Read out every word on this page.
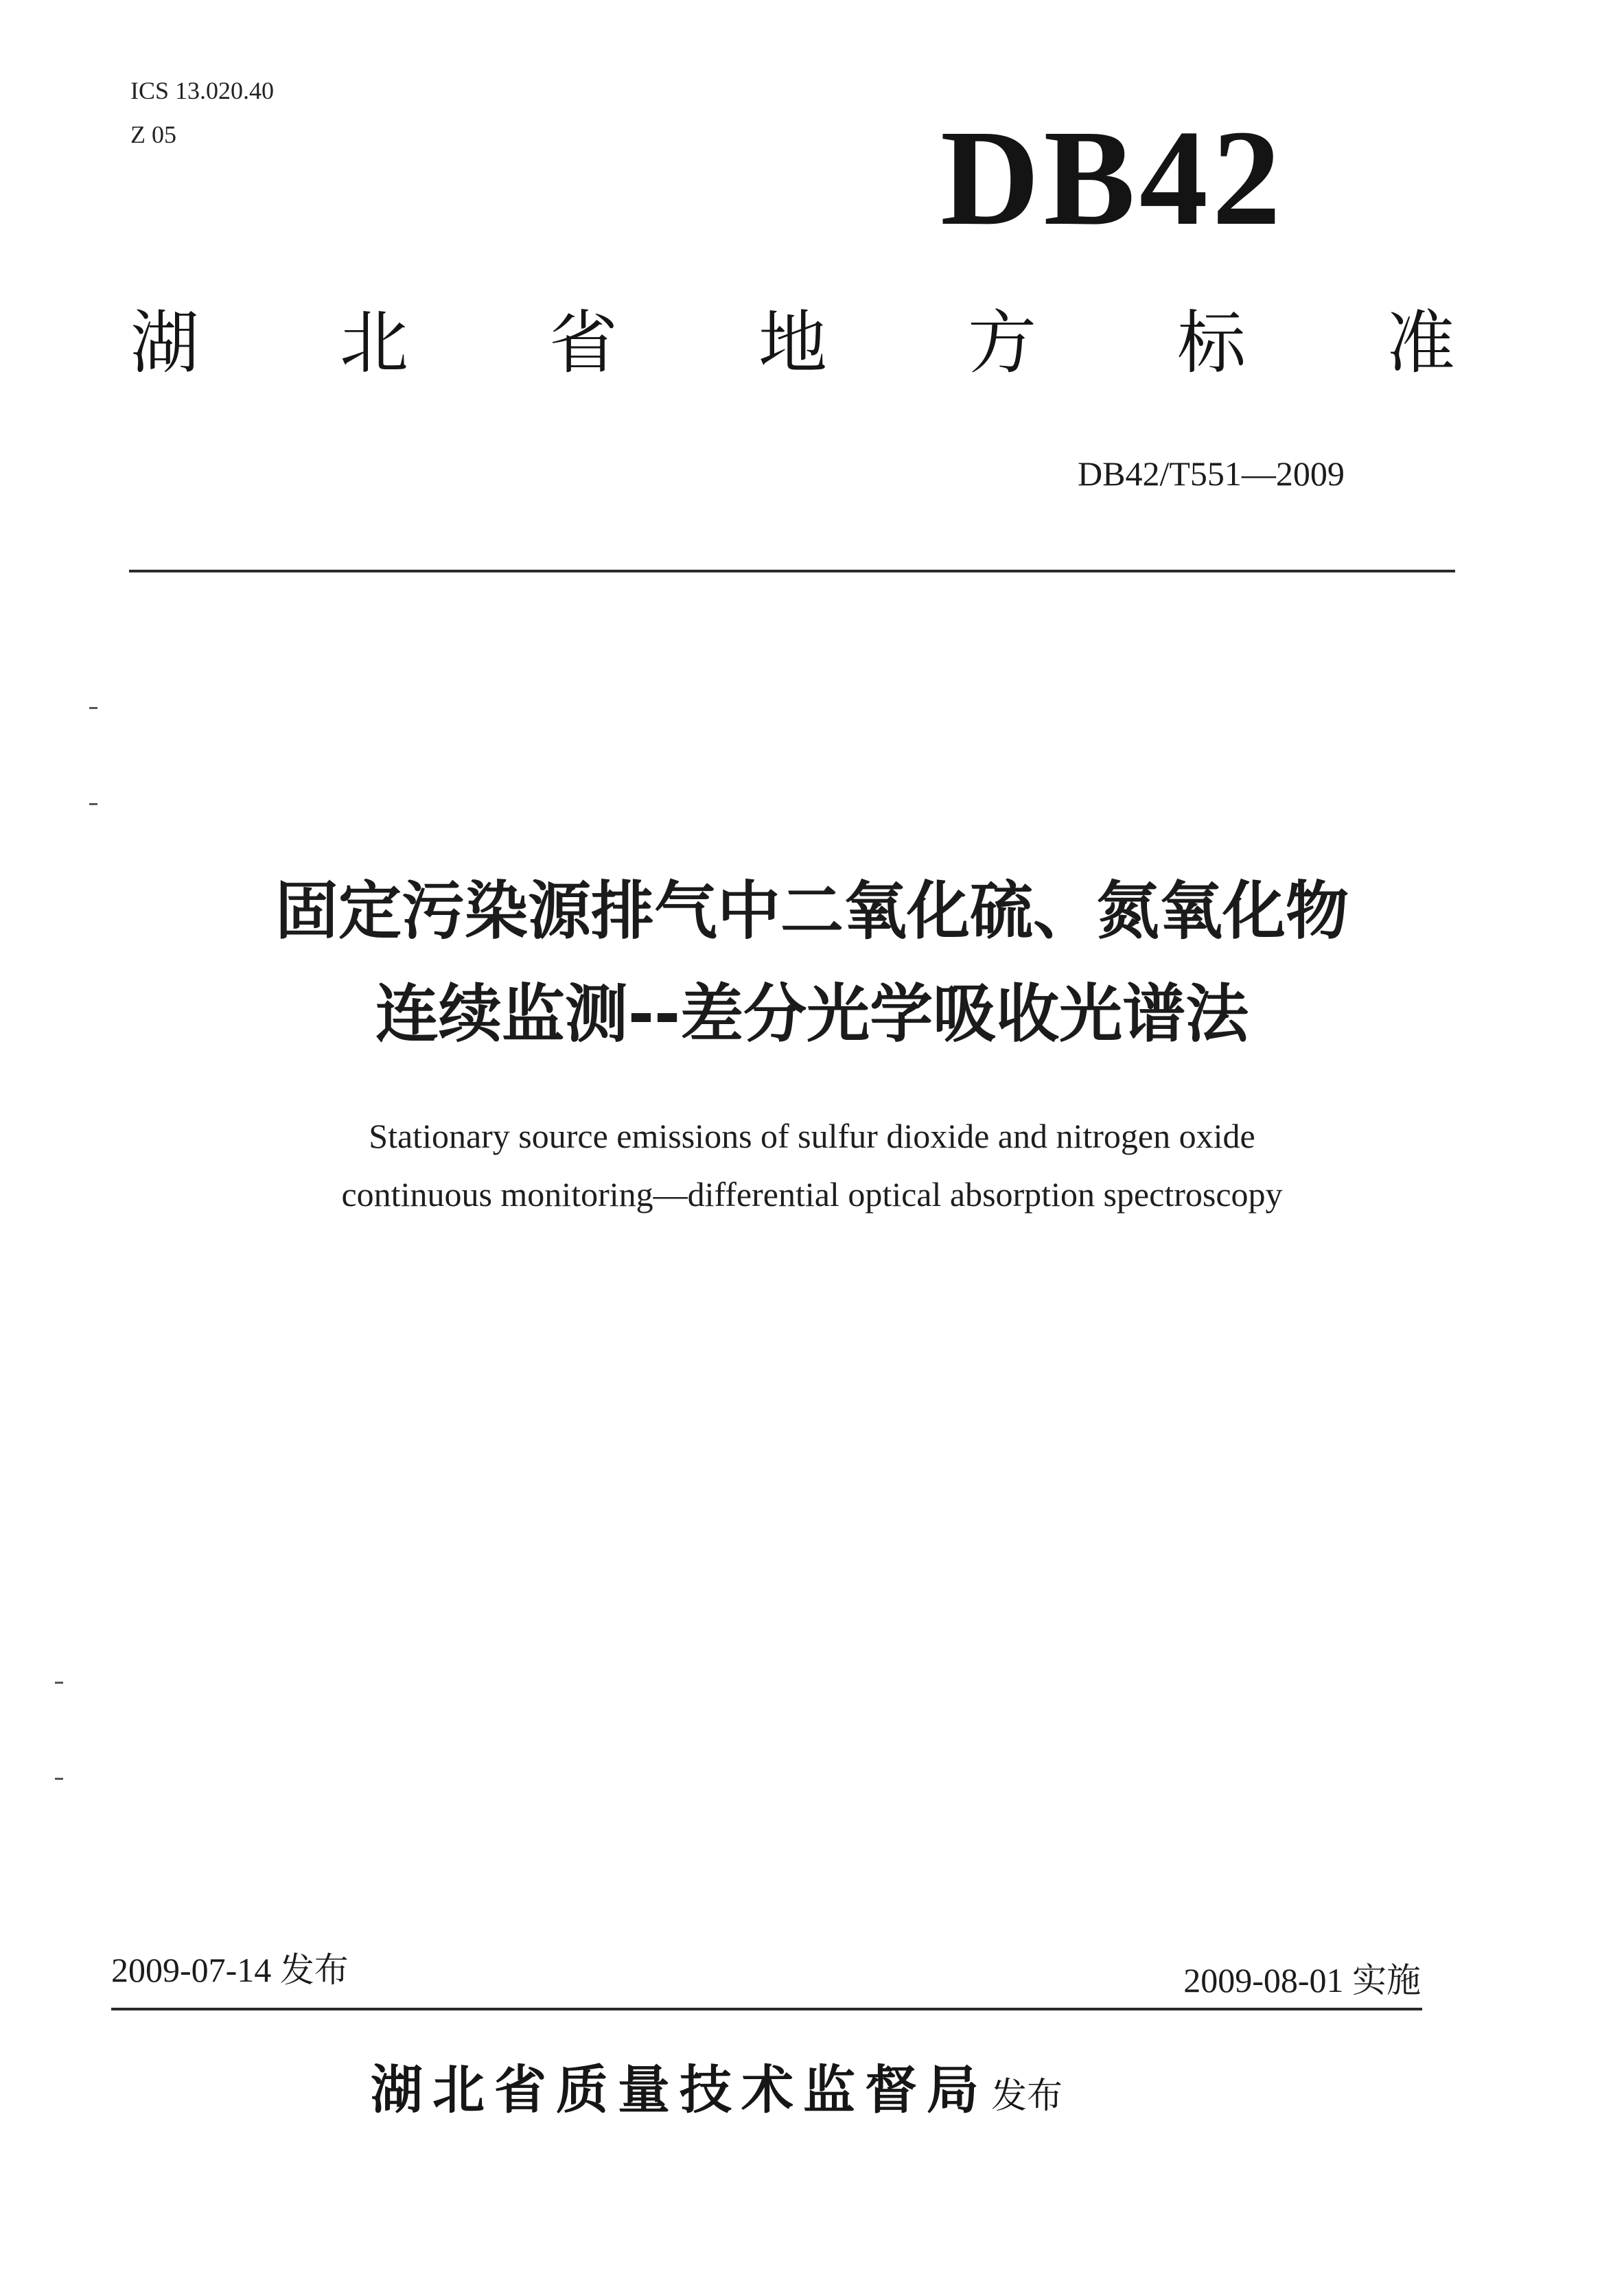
ICS 13.020.40
Z 05	DB42
湖 北 省 地 方 标 准
DB42/T551—2009
固定污染源排气中二氧化硫、氮氧化物
连续监测--差分光学吸收光谱法
Stationary source emissions of sulfur dioxide and nitrogen oxide
continuous monitoring—differential optical absorption spectroscopy
2009-07-14 发布	2009-08-01 实施
湖北省质量技术监督局发布
